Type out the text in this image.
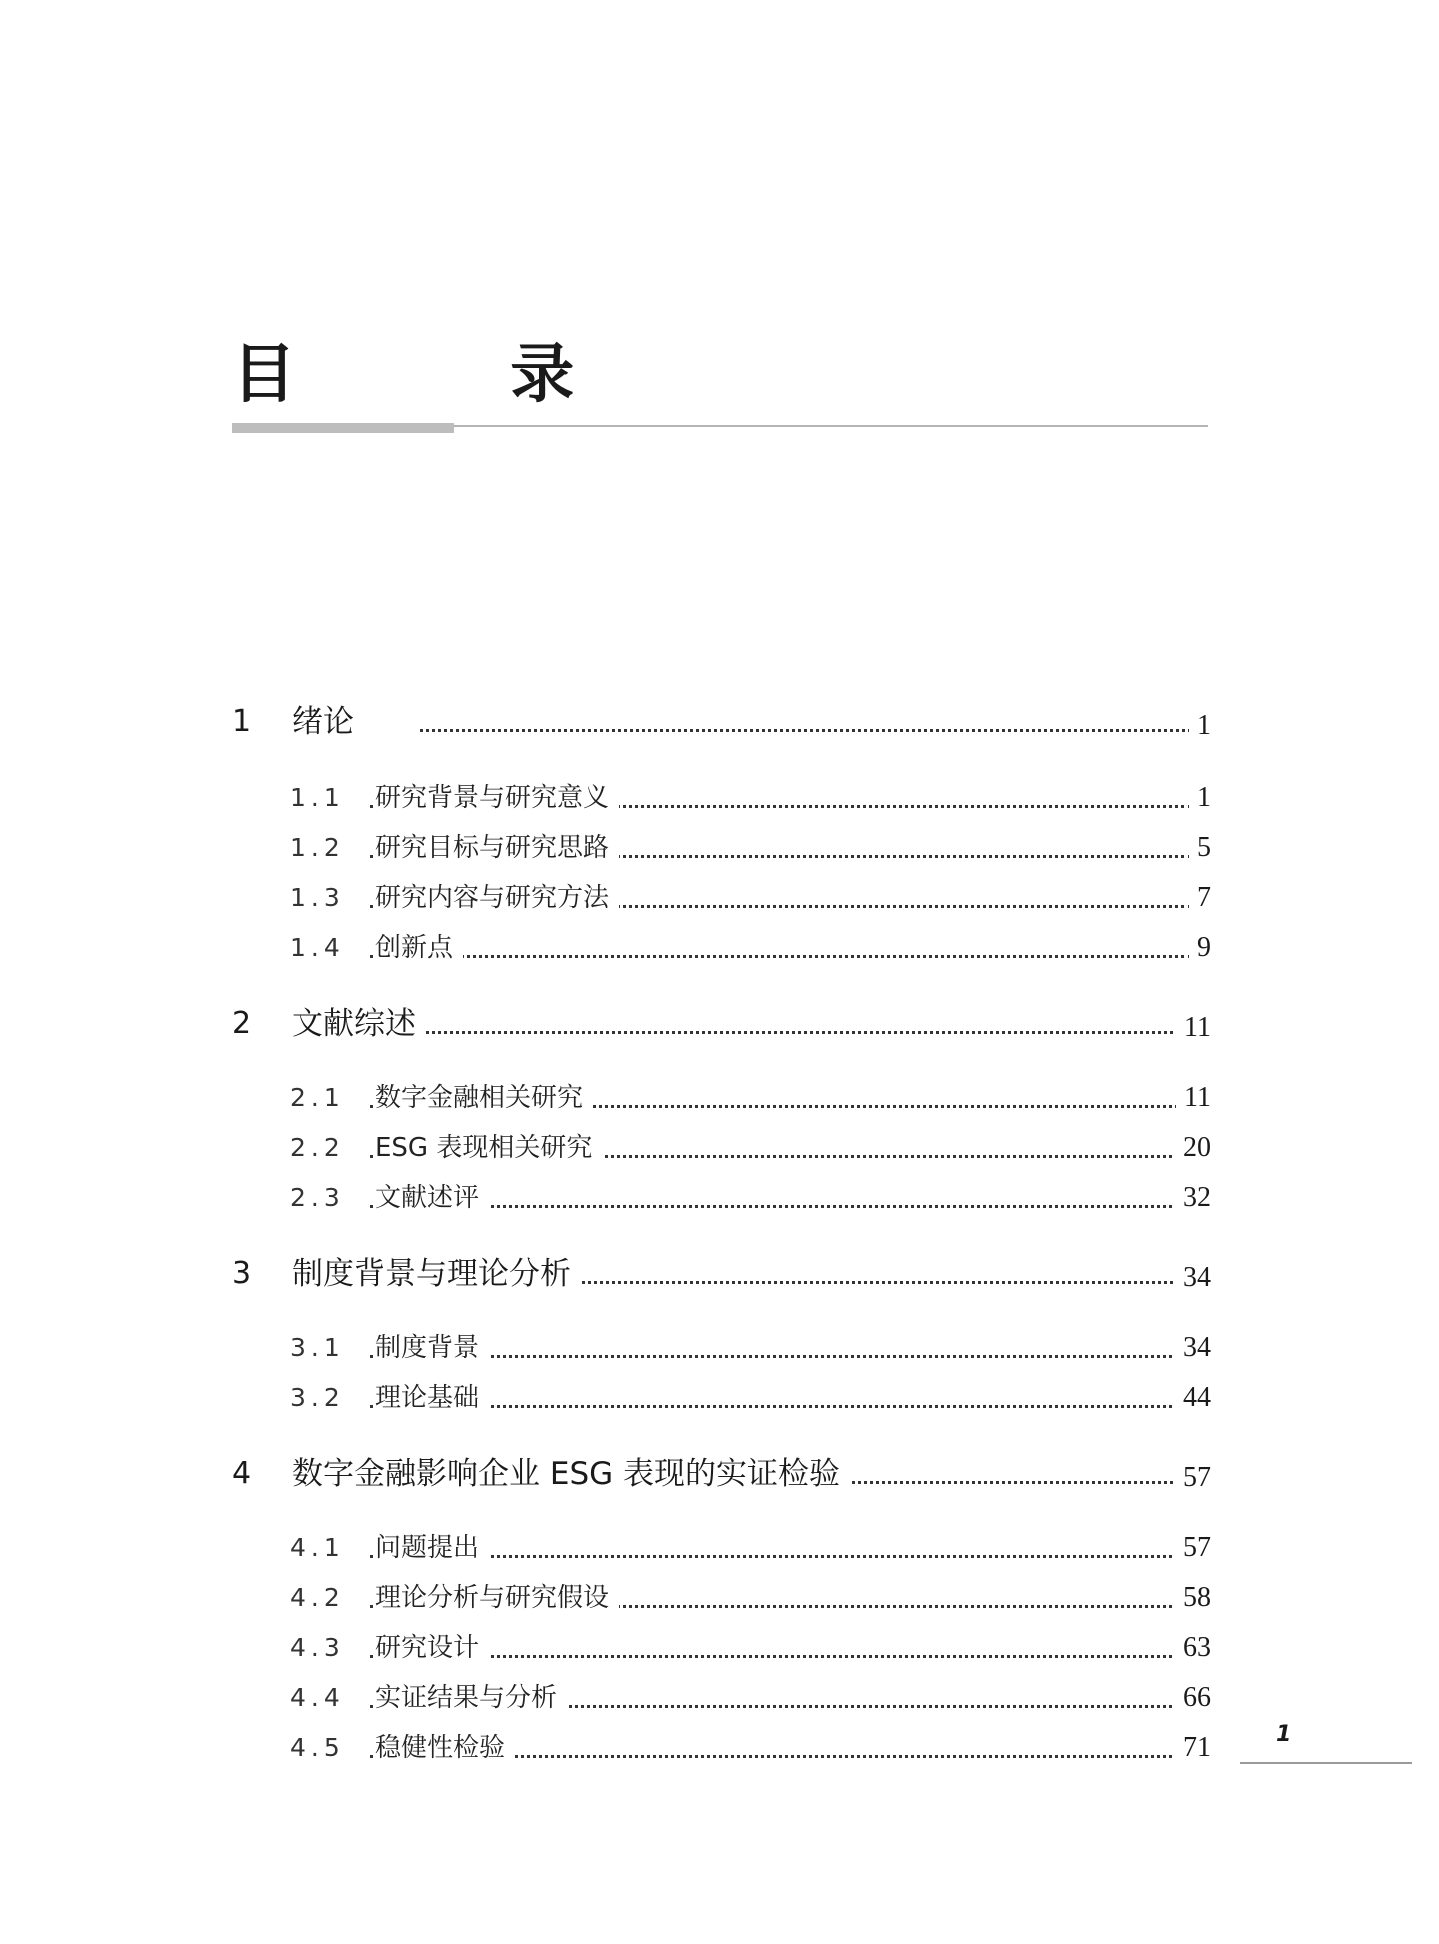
目 录
1 绪论	1
1.1 研究背景与研究意义	1
1.2 研究目标与研究思路	5
1.3 研究内容与研究方法	7
1.4 创新点	9
2 文献综述	11
2.1 数字金融相关研究	11
2.2 ESG 表现相关研究	20
2.3 文献述评	32
3 制度背景与理论分析	34
3.1 制度背景	34
3.2 理论基础	44
4 数字金融影响企业 ESG 表现的实证检验	57
4.1 问题提出	57
4.2 理论分析与研究假设	58
4.3 研究设计	63
4.4 实证结果与分析	66
4.5 稳健性检验	71	1
